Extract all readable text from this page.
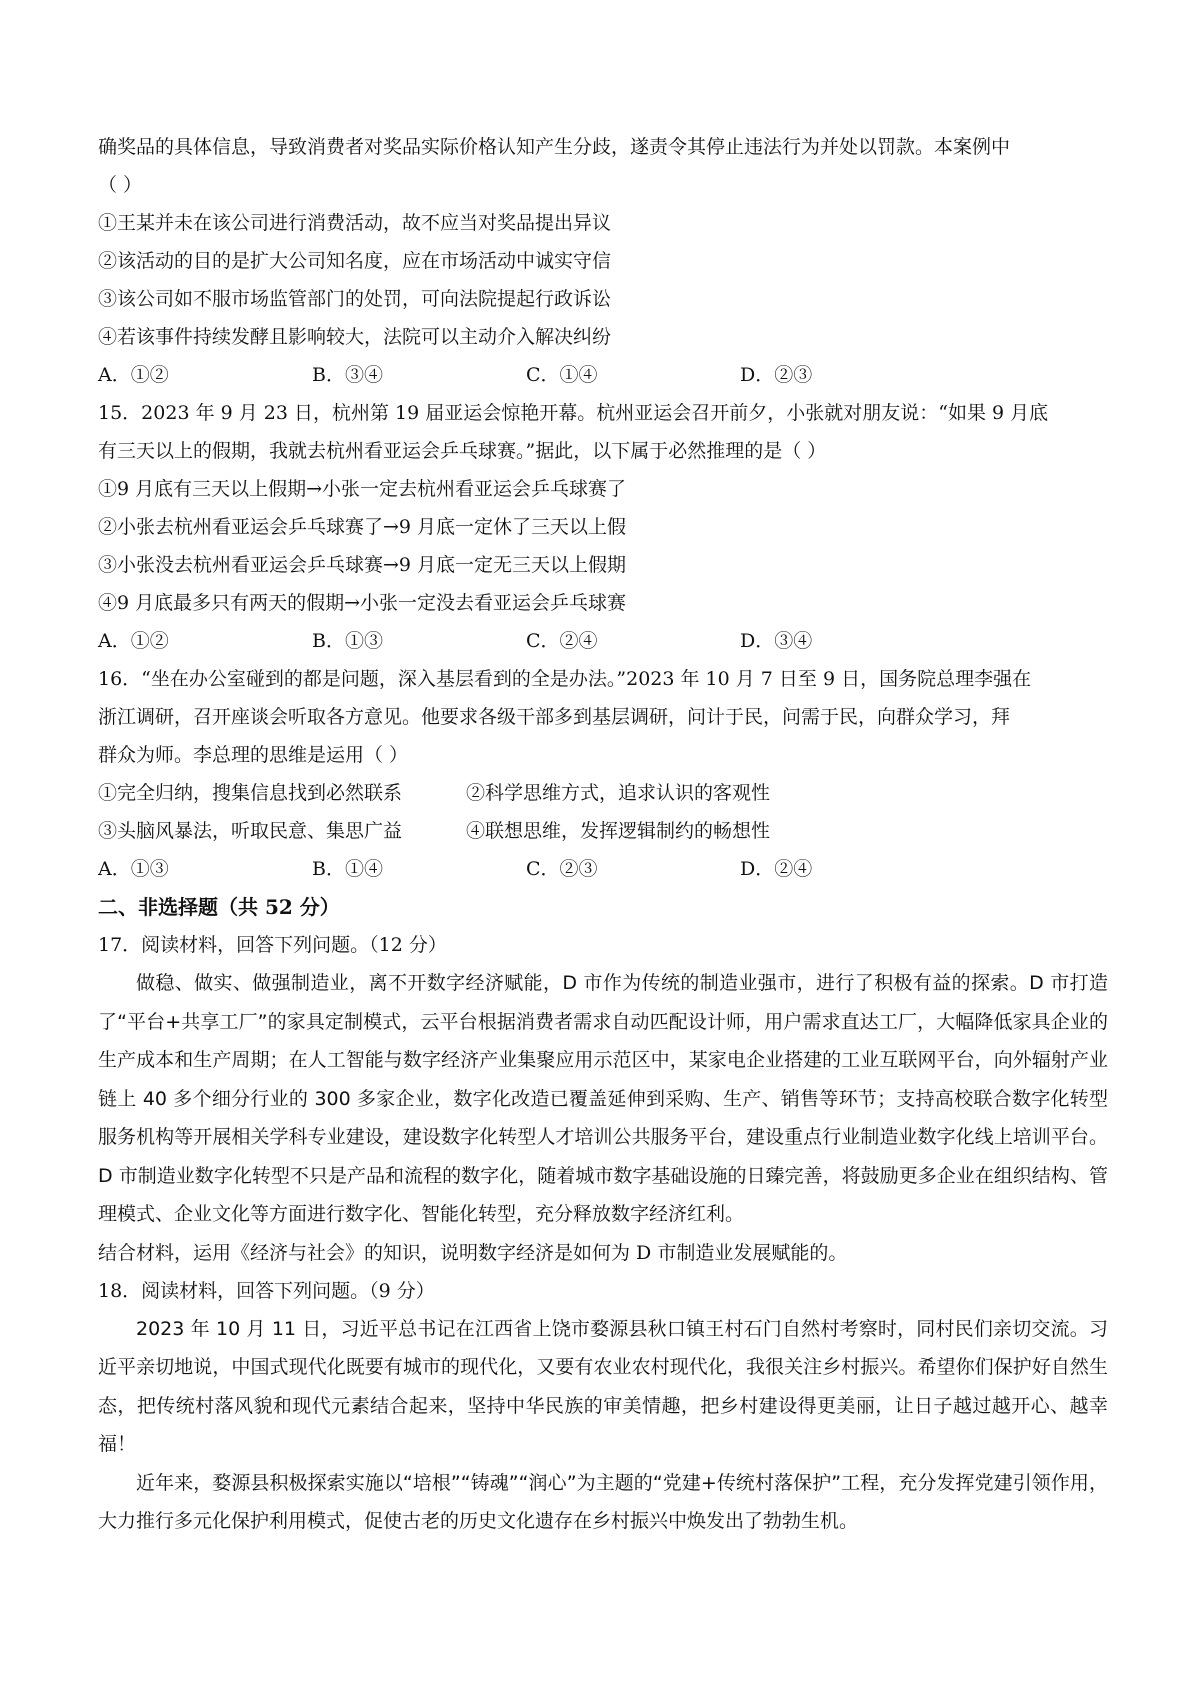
确奖品的具体信息，导致消费者对奖品实际价格认知产生分歧，遂责令其停止违法行为并处以罚款。本案例中

（ ）

①王某并未在该公司进行消费活动，故不应当对奖品提出异议

②该活动的目的是扩大公司知名度，应在市场活动中诚实守信

③该公司如不服市场监管部门的处罚，可向法院提起行政诉讼

④若该事件持续发酵且影响较大，法院可以主动介入解决纠纷

A．①②	B．③④	C．①④	D．②③

15．2023 年 9 月 23 日，杭州第 19 届亚运会惊艳开幕。杭州亚运会召开前夕，小张就对朋友说：“如果 9 月底

有三天以上的假期，我就去杭州看亚运会乒乓球赛。”据此，以下属于必然推理的是（ ）

①9 月底有三天以上假期→小张一定去杭州看亚运会乒乓球赛了

②小张去杭州看亚运会乒乓球赛了→9 月底一定休了三天以上假

③小张没去杭州看亚运会乒乓球赛→9 月底一定无三天以上假期

④9 月底最多只有两天的假期→小张一定没去看亚运会乒乓球赛

A．①②	B．①③	C．②④	D．③④

16．“坐在办公室碰到的都是问题，深入基层看到的全是办法。”2023 年 10 月 7 日至 9 日，国务院总理李强在

浙江调研，召开座谈会听取各方意见。他要求各级干部多到基层调研，问计于民，问需于民，向群众学习，拜

群众为师。李总理的思维是运用（ ）

①完全归纳，搜集信息找到必然联系	②科学思维方式，追求认识的客观性
③头脑风暴法，听取民意、集思广益	④联想思维，发挥逻辑制约的畅想性
A．①③	B．①④	C．②③	D．②④

二、非选择题（共 52 分）

17．阅读材料，回答下列问题。（12 分）

做稳、做实、做强制造业，离不开数字经济赋能，D 市作为传统的制造业强市，进行了积极有益的探索。D 市打造了“平台+共享工厂”的家具定制模式，云平台根据消费者需求自动匹配设计师，用户需求直达工厂，大幅降低家具企业的生产成本和生产周期；在人工智能与数字经济产业集聚应用示范区中，某家电企业搭建的工业互联网平台，向外辐射产业链上 40 多个细分行业的 300 多家企业，数字化改造已覆盖延伸到采购、生产、销售等环节；支持高校联合数字化转型服务机构等开展相关学科专业建设，建设数字化转型人才培训公共服务平台，建设重点行业制造业数字化线上培训平台。D 市制造业数字化转型不只是产品和流程的数字化，随着城市数字基础设施的日臻完善，将鼓励更多企业在组织结构、管理模式、企业文化等方面进行数字化、智能化转型，充分释放数字经济红利。

结合材料，运用《经济与社会》的知识，说明数字经济是如何为 D 市制造业发展赋能的。

18．阅读材料，回答下列问题。（9 分）

2023 年 10 月 11 日，习近平总书记在江西省上饶市婺源县秋口镇王村石门自然村考察时，同村民们亲切交流。习近平亲切地说，中国式现代化既要有城市的现代化，又要有农业农村现代化，我很关注乡村振兴。希望你们保护好自然生态，把传统村落风貌和现代元素结合起来，坚持中华民族的审美情趣，把乡村建设得更美丽，让日子越过越开心、越幸福！

近年来，婺源县积极探索实施以“培根”“铸魂”“润心”为主题的“党建+传统村落保护”工程，充分发挥党建引领作用，大力推行多元化保护利用模式，促使古老的历史文化遗存在乡村振兴中焕发出了勃勃生机。
